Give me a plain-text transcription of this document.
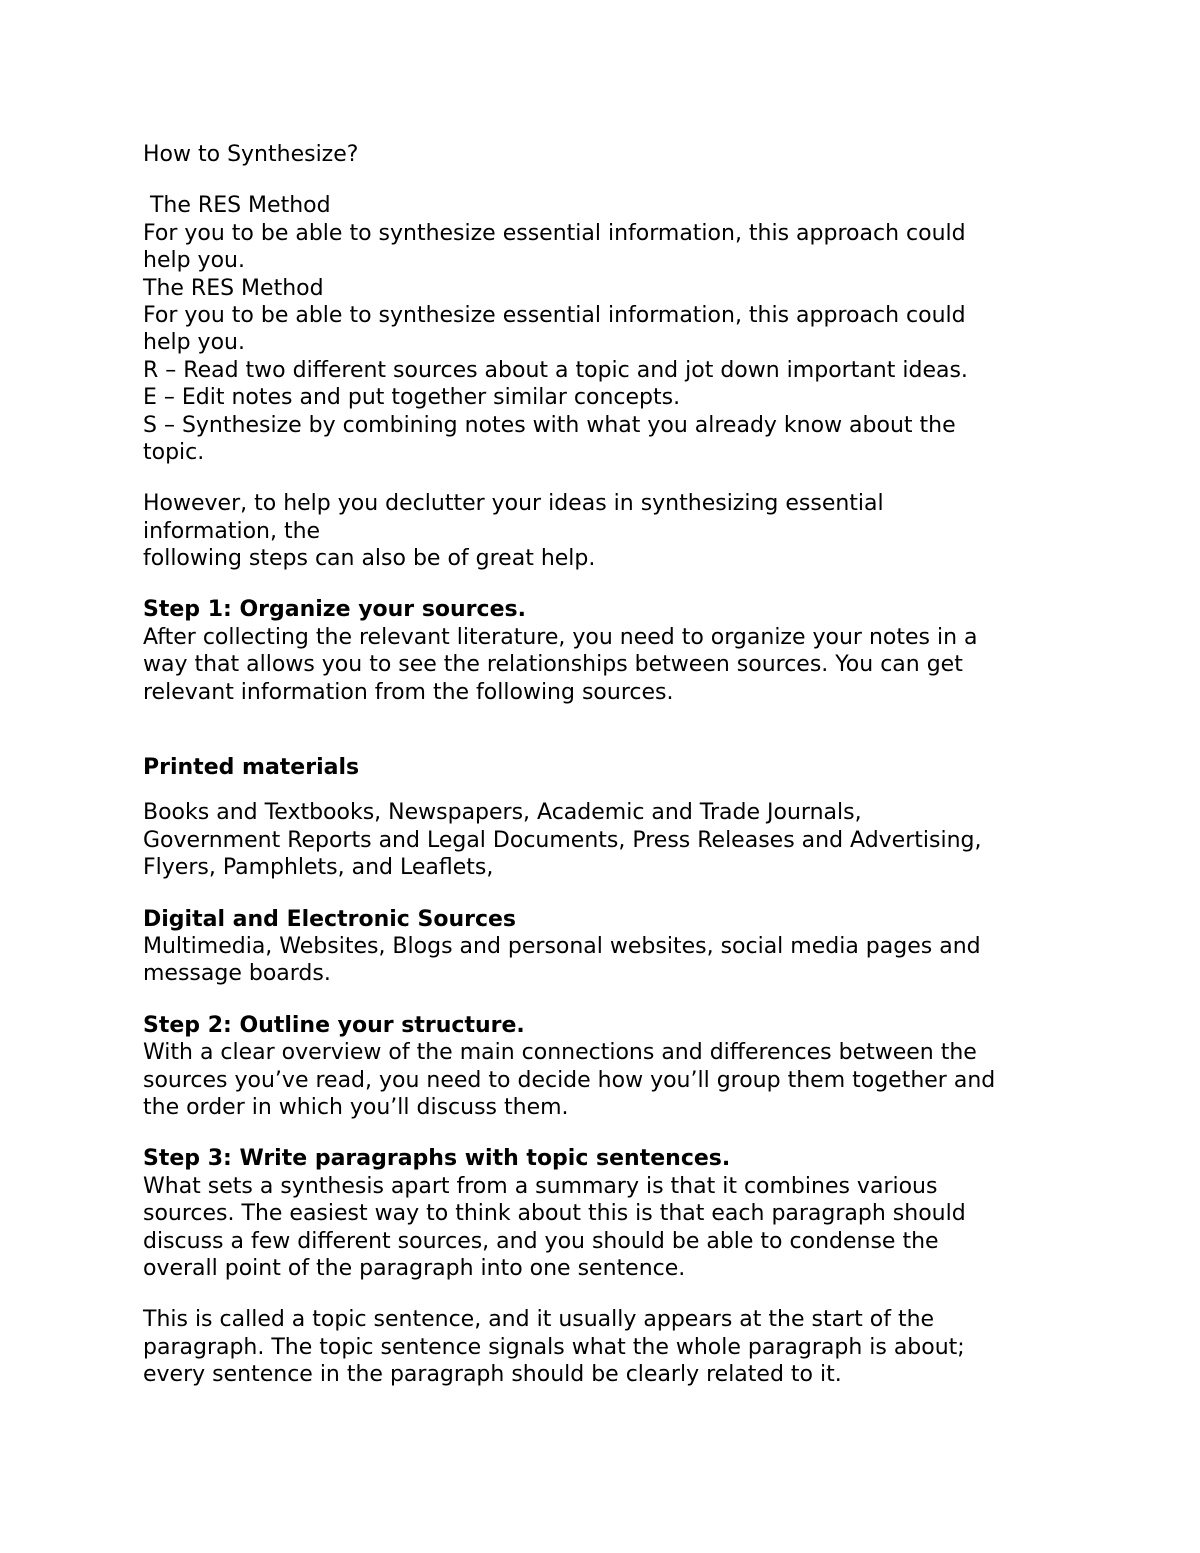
How to Synthesize?
The RES Method
For you to be able to synthesize essential information, this approach could
help you.
The RES Method
For you to be able to synthesize essential information, this approach could
help you.
R – Read two different sources about a topic and jot down important ideas.
E – Edit notes and put together similar concepts.
S – Synthesize by combining notes with what you already know about the
topic.
However, to help you declutter your ideas in synthesizing essential
information, the
following steps can also be of great help.
Step 1: Organize your sources.
After collecting the relevant literature, you need to organize your notes in a
way that allows you to see the relationships between sources. You can get
relevant information from the following sources.
Printed materials
Books and Textbooks, Newspapers, Academic and Trade Journals,
Government Reports and Legal Documents, Press Releases and Advertising,
Flyers, Pamphlets, and Leaflets,
Digital and Electronic Sources
Multimedia, Websites, Blogs and personal websites, social media pages and
message boards.
Step 2: Outline your structure.
With a clear overview of the main connections and differences between the
sources you’ve read, you need to decide how you’ll group them together and
the order in which you’ll discuss them.
Step 3: Write paragraphs with topic sentences.
What sets a synthesis apart from a summary is that it combines various
sources. The easiest way to think about this is that each paragraph should
discuss a few different sources, and you should be able to condense the
overall point of the paragraph into one sentence.
This is called a topic sentence, and it usually appears at the start of the
paragraph. The topic sentence signals what the whole paragraph is about;
every sentence in the paragraph should be clearly related to it.
